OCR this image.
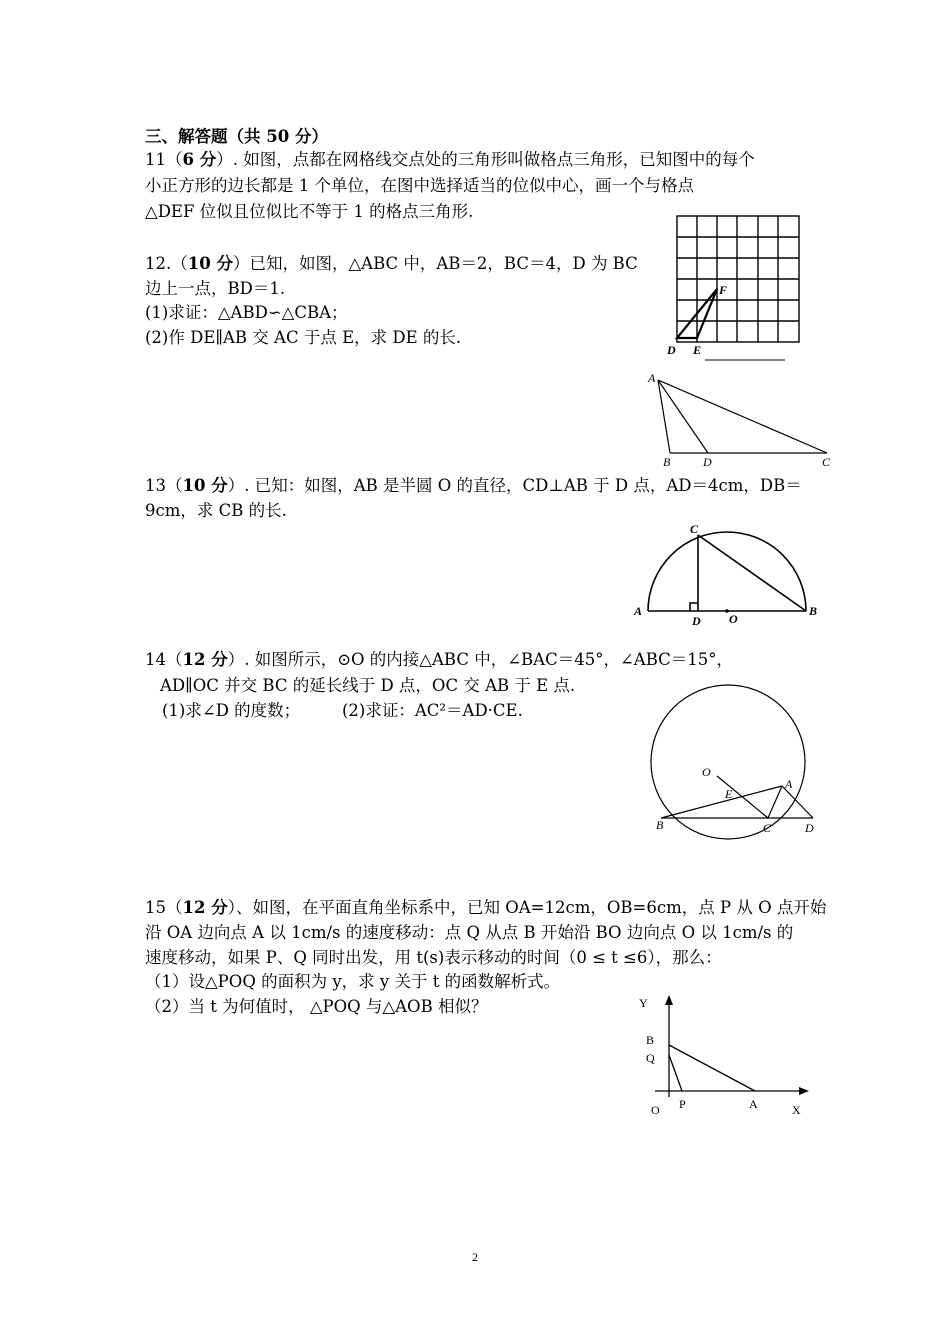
三、解答题（共 50 分）
11（6 分）. 如图，点都在网格线交点处的三角形叫做格点三角形，已知图中的每个
小正方形的边长都是 1 个单位，在图中选择适当的位似中心，画一个与格点
△DEF 位似且位似比不等于 1 的格点三角形.
D E
F
12.（10 分）已知，如图，△ABC 中，AB＝2，BC＝4，D 为 BC
边上一点，BD＝1.
(1)求证：△ABD∽△CBA；
(2)作 DE∥AB 交 AC 于点 E，求 DE 的长.
A
B	D	C
13（10 分）. 已知：如图，AB 是半圆 O 的直径，CD⊥AB 于 D 点，AD＝4cm，DB＝
9cm，求 CB 的长.
C
A	B
D O
14（12 分）. 如图所示，⊙O 的内接△ABC 中，∠BAC＝45°，∠ABC＝15°，
AD∥OC 并交 BC 的延长线于 D 点，OC 交 AB 于 E 点.
(1)求∠D 的度数；	(2)求证：AC²＝AD·CE.
O
A
E
B	C	D
15（12 分）、如图，在平面直角坐标系中，已知 OA=12cm，OB=6cm，点 P 从 O 点开始
沿 OA 边向点 A 以 1cm/s 的速度移动：点 Q 从点 B 开始沿 BO 边向点 O 以 1cm/s 的
速度移动，如果 P、Q 同时出发，用 t(s)表示移动的时间（0 ≤ t ≤6），那么：
（1）设△POQ 的面积为 y，求 y 关于 t 的函数解析式。
（2）当 t 为何值时， △POQ 与△AOB 相似？	Y
X
B
Q
O P	A
2
